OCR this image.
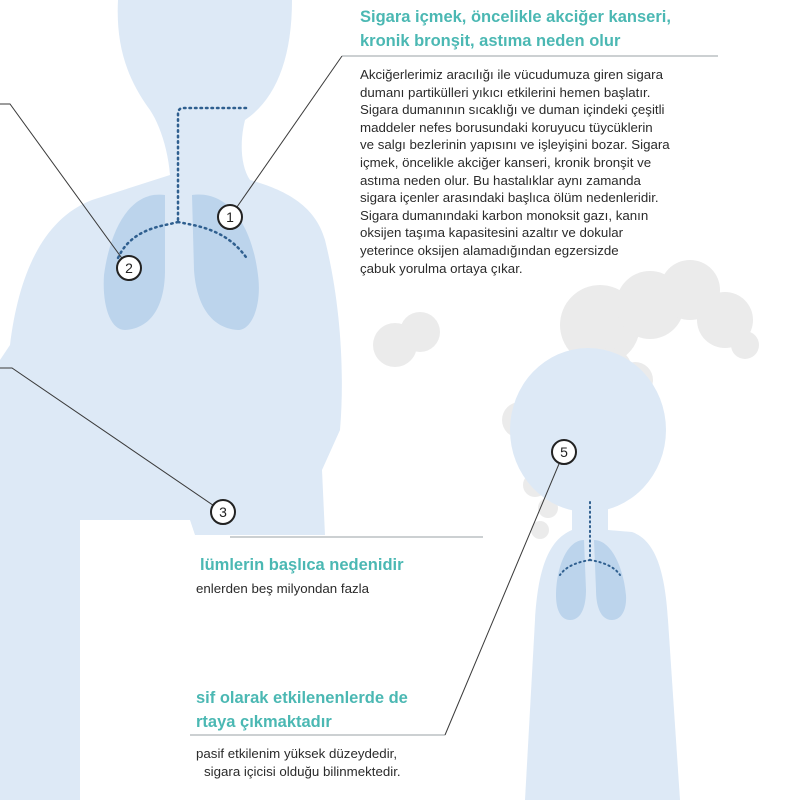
1
2
3
5
Sigara içmek, öncelikle akciğer kanseri,
kronik bronşit, astıma neden olur
Akciğerlerimiz aracılığı ile vücudumuza giren sigara
dumanı partikülleri yıkıcı etkilerini hemen başlatır.
Sigara dumanının sıcaklığı ve duman içindeki çeşitli
maddeler nefes borusundaki koruyucu tüycüklerin
ve salgı bezlerinin yapısını ve işleyişini bozar. Sigara
içmek, öncelikle akciğer kanseri, kronik bronşit ve
astıma neden olur. Bu hastalıklar aynı zamanda
sigara içenler arasındaki başlıca ölüm nedenleridir.
Sigara dumanındaki karbon monoksit gazı, kanın
oksijen taşıma kapasitesini azaltır ve dokular
yeterince oksijen alamadığından egzersizde
çabuk yorulma ortaya çıkar.
lümlerin başlıca nedenidir
enlerden beş milyondan fazla
sif olarak etkilenenlerde de
rtaya çıkmaktadır
pasif etkilenim yüksek düzeydedir,
sigara içicisi olduğu bilinmektedir.
